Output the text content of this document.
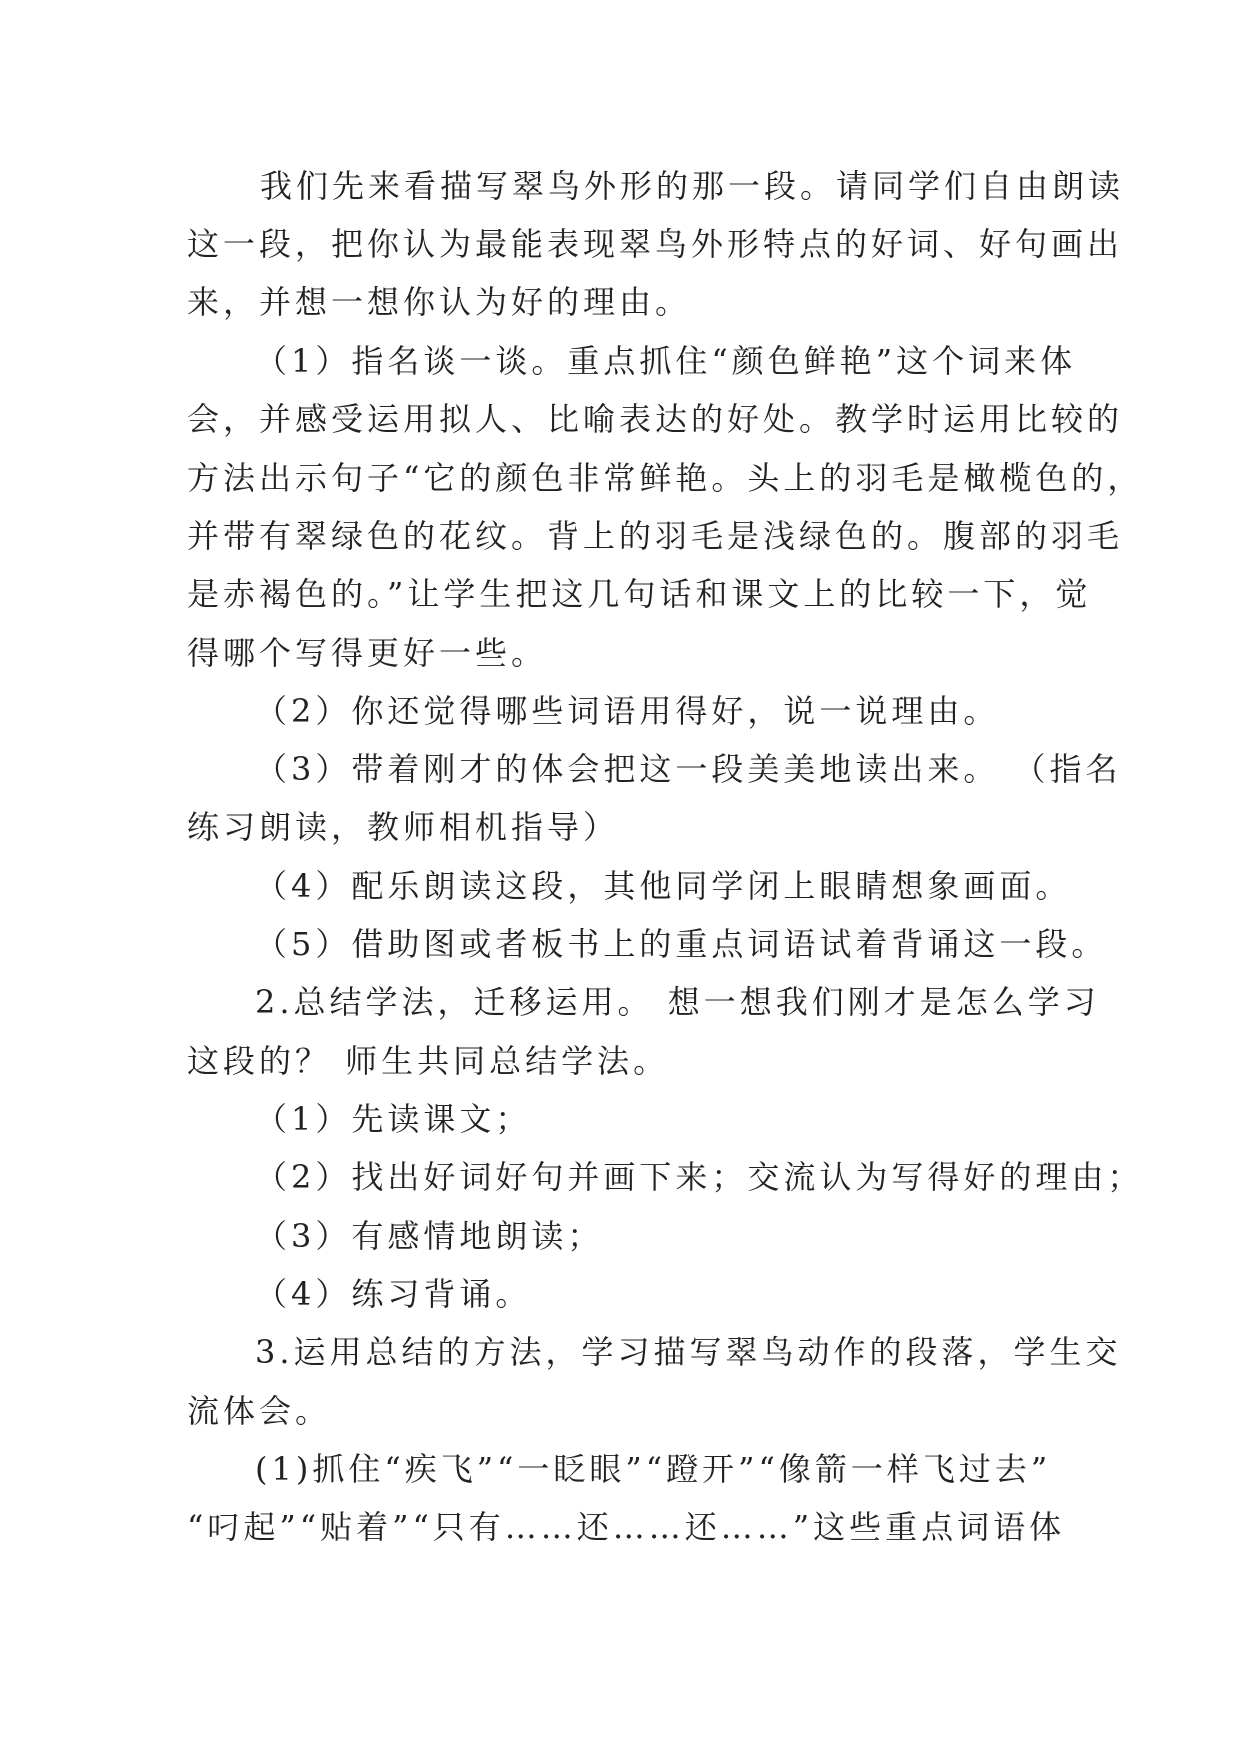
我们先来看描写翠鸟外形的那一段。请同学们自由朗读
这一段，把你认为最能表现翠鸟外形特点的好词、好句画出
来，并想一想你认为好的理由。
（1）指名谈一谈。重点抓住“颜色鲜艳”这个词来体
会，并感受运用拟人、比喻表达的好处。教学时运用比较的
方法出示句子“它的颜色非常鲜艳。头上的羽毛是橄榄色的，
并带有翠绿色的花纹。背上的羽毛是浅绿色的。腹部的羽毛
是赤褐色的。”让学生把这几句话和课文上的比较一下，觉
得哪个写得更好一些。
（2）你还觉得哪些词语用得好，说一说理由。
（3）带着刚才的体会把这一段美美地读出来。 （指名
练习朗读，教师相机指导）
（4）配乐朗读这段，其他同学闭上眼睛想象画面。
（5）借助图或者板书上的重点词语试着背诵这一段。
2.总结学法，迁移运用。 想一想我们刚才是怎么学习
这段的？ 师生共同总结学法。
（1）先读课文；
（2）找出好词好句并画下来；交流认为写得好的理由；
（3）有感情地朗读；
（4）练习背诵。
3.运用总结的方法，学习描写翠鸟动作的段落，学生交
流体会。
(1)抓住“疾飞”“一眨眼”“蹬开”“像箭一样飞过去”
“叼起”“贴着”“只有……还……还……”这些重点词语体
